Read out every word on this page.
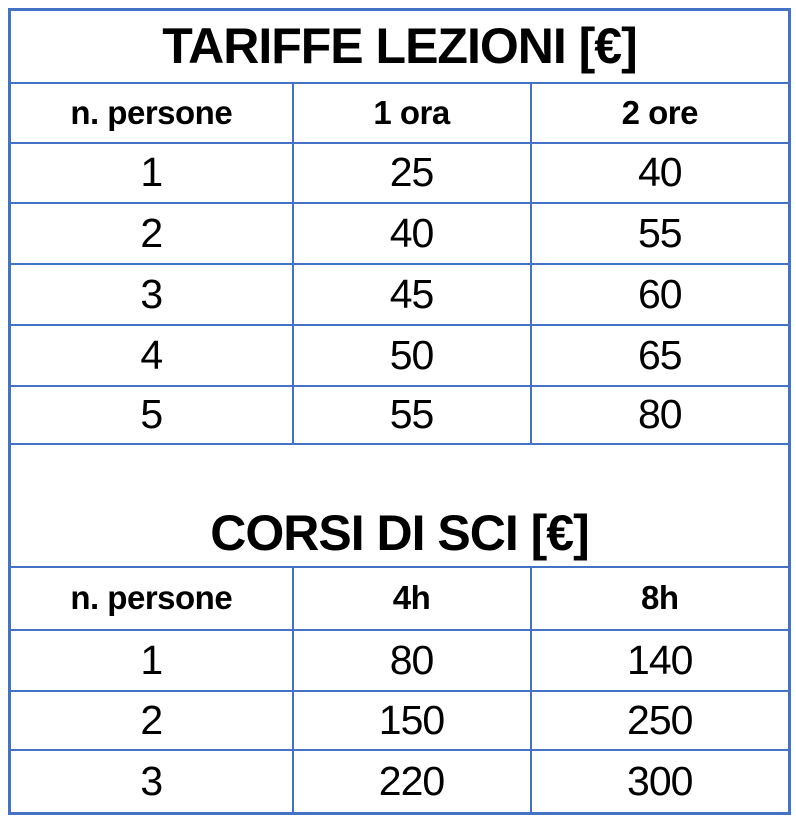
TARIFFE LEZIONI [€]		
n. persone	1 ora	2 ore
1	25	40
2	40	55
3	45	60
4	50	65
5	55	80
CORSI DI SCI [€]		
n. persone	4h	8h
1	80	140
2	150	250
3	220	300
